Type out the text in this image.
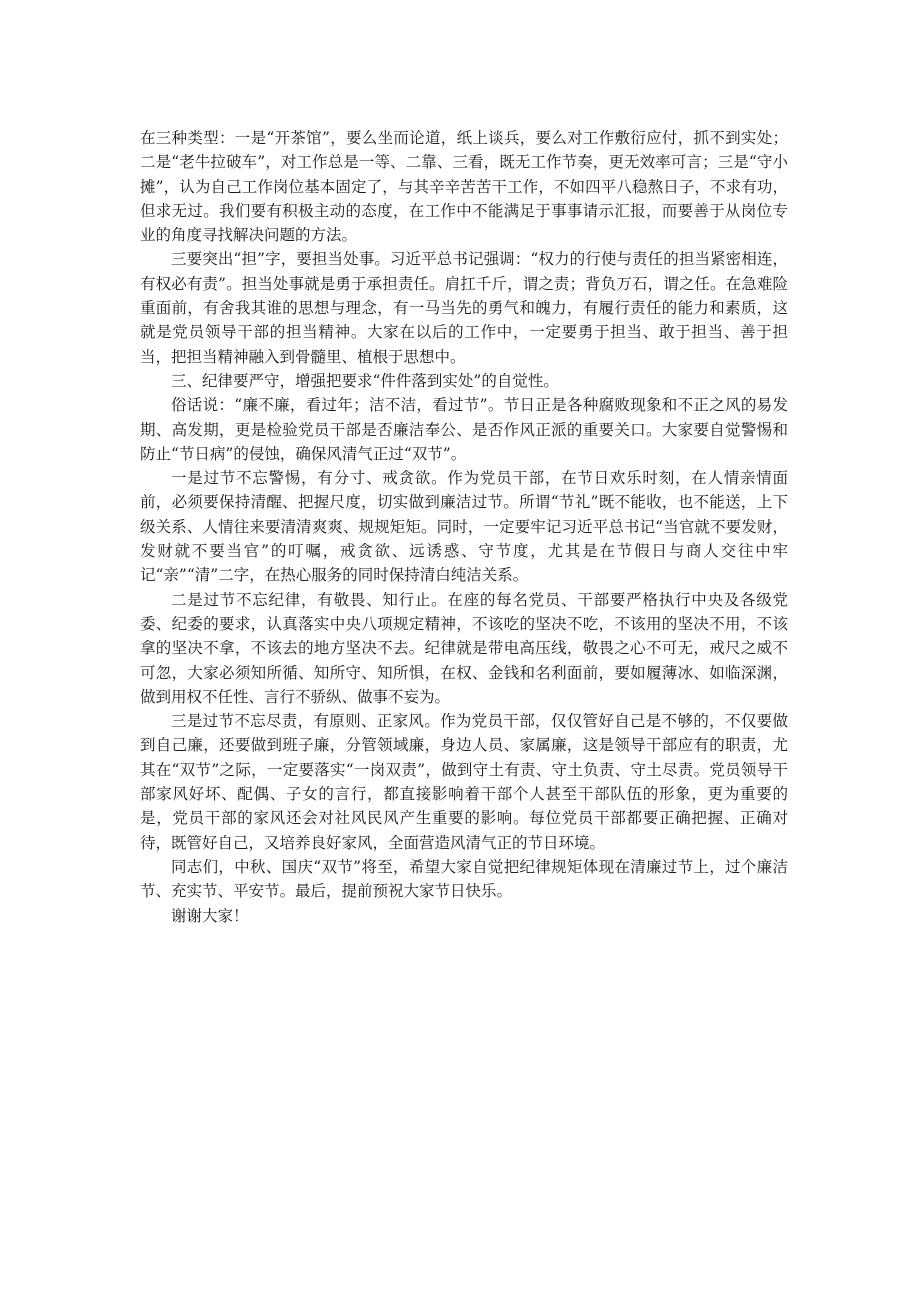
在三种类型：一是“开茶馆”，要么坐而论道，纸上谈兵，要么对工作敷衍应付，抓不到实处；二是“老牛拉破车”，对工作总是一等、二靠、三看，既无工作节奏，更无效率可言；三是“守小摊”，认为自己工作岗位基本固定了，与其辛辛苦苦干工作，不如四平八稳熬日子，不求有功，但求无过。我们要有积极主动的态度，在工作中不能满足于事事请示汇报，而要善于从岗位专业的角度寻找解决问题的方法。

三要突出“担”字，要担当处事。习近平总书记强调：“权力的行使与责任的担当紧密相连，有权必有责”。担当处事就是勇于承担责任。肩扛千斤，谓之责；背负万石，谓之任。在急难险重面前，有舍我其谁的思想与理念，有一马当先的勇气和魄力，有履行责任的能力和素质，这就是党员领导干部的担当精神。大家在以后的工作中，一定要勇于担当、敢于担当、善于担当，把担当精神融入到骨髓里、植根于思想中。

三、纪律要严守，增强把要求“件件落到实处”的自觉性。

俗话说：“廉不廉，看过年；洁不洁，看过节”。节日正是各种腐败现象和不正之风的易发期、高发期，更是检验党员干部是否廉洁奉公、是否作风正派的重要关口。大家要自觉警惕和防止“节日病”的侵蚀，确保风清气正过“双节”。

一是过节不忘警惕，有分寸、戒贪欲。作为党员干部，在节日欢乐时刻，在人情亲情面前，必须要保持清醒、把握尺度，切实做到廉洁过节。所谓“节礼”既不能收，也不能送，上下级关系、人情往来要清清爽爽、规规矩矩。同时，一定要牢记习近平总书记“当官就不要发财，发财就不要当官”的叮嘱，戒贪欲、远诱惑、守节度，尤其是在节假日与商人交往中牢记“亲”“清”二字，在热心服务的同时保持清白纯洁关系。

二是过节不忘纪律，有敬畏、知行止。在座的每名党员、干部要严格执行中央及各级党委、纪委的要求，认真落实中央八项规定精神，不该吃的坚决不吃，不该用的坚决不用，不该拿的坚决不拿，不该去的地方坚决不去。纪律就是带电高压线，敬畏之心不可无，戒尺之威不可忽，大家必须知所循、知所守、知所惧，在权、金钱和名利面前，要如履薄冰、如临深渊，做到用权不任性、言行不骄纵、做事不妄为。

三是过节不忘尽责，有原则、正家风。作为党员干部，仅仅管好自己是不够的，不仅要做到自己廉，还要做到班子廉，分管领域廉，身边人员、家属廉，这是领导干部应有的职责，尤其在“双节”之际，一定要落实“一岗双责”，做到守土有责、守土负责、守土尽责。党员领导干部家风好坏、配偶、子女的言行，都直接影响着干部个人甚至干部队伍的形象，更为重要的是，党员干部的家风还会对社风民风产生重要的影响。每位党员干部都要正确把握、正确对待，既管好自己，又培养良好家风，全面营造风清气正的节日环境。

同志们，中秋、国庆“双节”将至，希望大家自觉把纪律规矩体现在清廉过节上，过个廉洁节、充实节、平安节。最后，提前预祝大家节日快乐。

谢谢大家！
